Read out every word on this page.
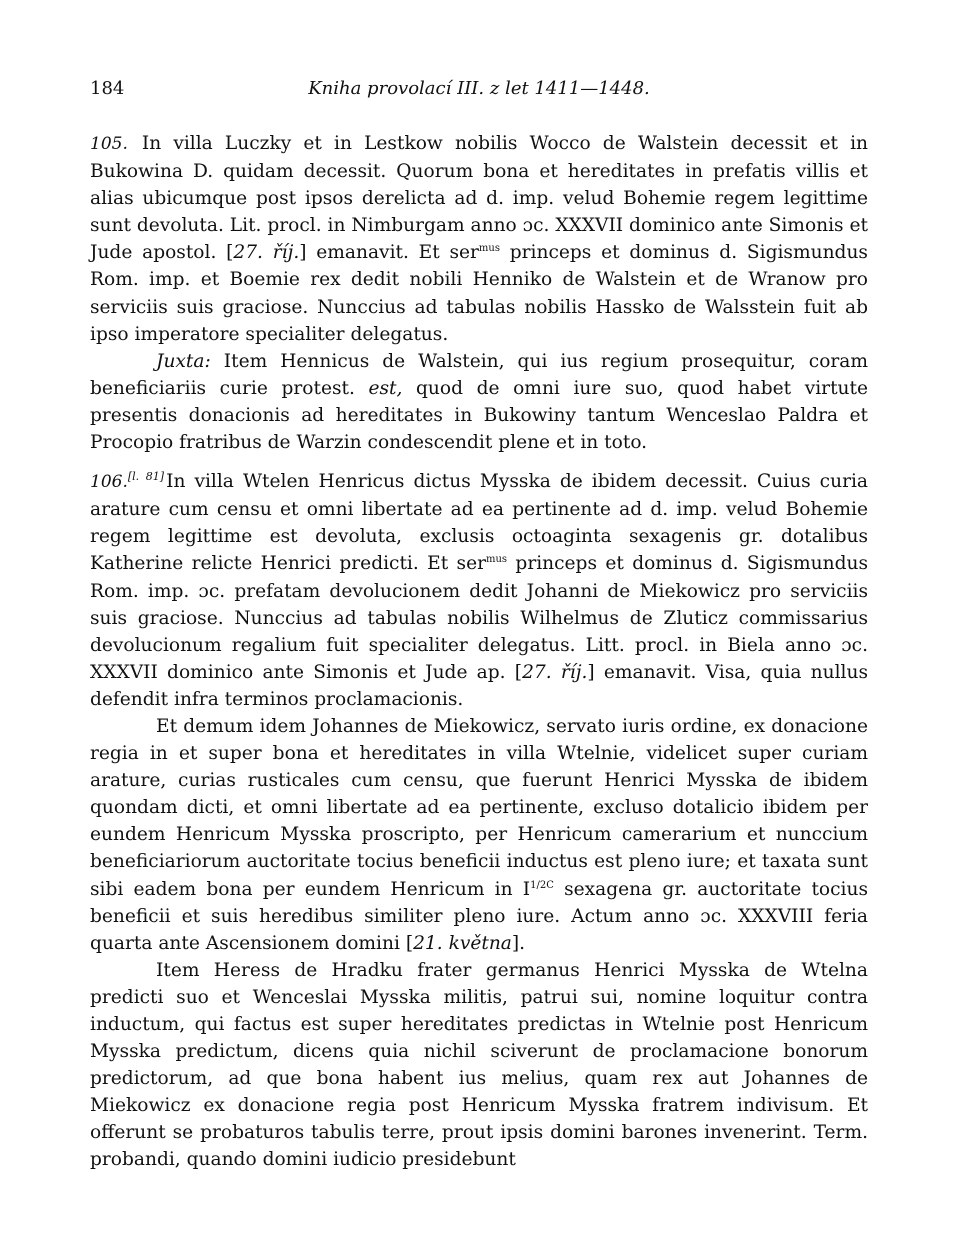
184	Kniha provolací III. z let 1411—1448.

105. In villa Luczky et in Lestkow nobilis Wocco de Walstein decessit et in Bukowina D. quidam decessit. Quorum bona et hereditates in prefatis villis et alias ubicumque post ipsos derelicta ad d. imp. velud Bohemie regem legittime sunt devoluta. Lit. procl. in Nimburgam anno ɔc. XXXVII dominico ante Simonis et Jude apostol. [27. říj.] emanavit. Et ser$^{mus}$ princeps et dominus d. Sigismundus Rom. imp. et Boemie rex dedit nobili Henniko de Walstein et de Wranow pro serviciis suis graciose. Nunccius ad tabulas nobilis Hassko de Walsstein fuit ab ipso imperatore specialiter delegatus.

Juxta: Item Hennicus de Walstein, qui ius regium prosequitur, coram beneficiariis curie protest. est, quod de omni iure suo, quod habet virtute presentis donacionis ad hereditates in Bukowiny tantum Wenceslao Paldra et Procopio fratribus de Warzin condescendit plene et in toto.

106.[l. 81] In villa Wtelen Henricus dictus Mysska de ibidem decessit. Cuius curia arature cum censu et omni libertate ad ea pertinente ad d. imp. velud Bohemie regem legittime est devoluta, exclusis octoaginta sexagenis gr. dotalibus Katherine relicte Henrici predicti. Et ser$^{mus}$ princeps et dominus d. Sigismundus Rom. imp. ɔc. prefatam devolucionem dedit Johanni de Miekowicz pro serviciis suis graciose. Nunccius ad tabulas nobilis Wilhelmus de Zluticz commissarius devolucionum regalium fuit specialiter delegatus. Litt. procl. in Biela anno ɔc. XXXVII dominico ante Simonis et Jude ap. [27. říj.] emanavit. Visa, quia nullus defendit infra terminos proclamacionis.

Et demum idem Johannes de Miekowicz, servato iuris ordine, ex donacione regia in et super bona et hereditates in villa Wtelnie, videlicet super curiam arature, curias rusticales cum censu, que fuerunt Henrici Mysska de ibidem quondam dicti, et omni libertate ad ea pertinente, excluso dotalicio ibidem per eundem Henricum Mysska proscripto, per Henricum camerarium et nunccium beneficiariorum auctoritate tocius beneficii inductus est pleno iure; et taxata sunt sibi eadem bona per eundem Henricum in $I^{1/2C}$ sexagena gr. auctoritate tocius beneficii et suis heredibus similiter pleno iure. Actum anno ɔc. XXXVIII feria quarta ante Ascensionem domini [21. května].

Item Heress de Hradku frater germanus Henrici Mysska de Wtelna predicti suo et Wenceslai Mysska militis, patrui sui, nomine loquitur contra inductum, qui factus est super hereditates predictas in Wtelnie post Henricum Mysska predictum, dicens quia nichil sciverunt de proclamacione bonorum predictorum, ad que bona habent ius melius, quam rex aut Johannes de Miekowicz ex donacione regia post Henricum Mysska fratrem indivisum. Et offerunt se probaturos tabulis terre, prout ipsis domini barones invenerint. Term. probandi, quando domini iudicio presidebunt
